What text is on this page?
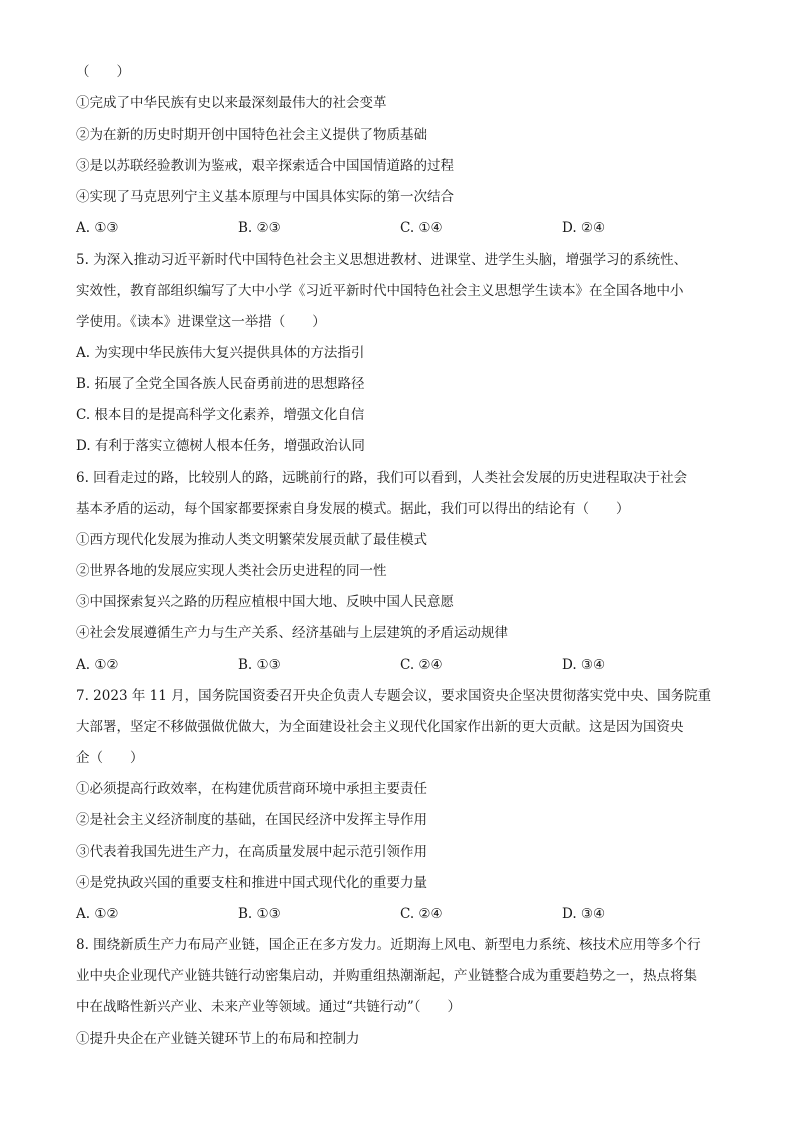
（　　）
①完成了中华民族有史以来最深刻最伟大的社会变革
②为在新的历史时期开创中国特色社会主义提供了物质基础
③是以苏联经验教训为鉴戒，艰辛探索适合中国国情道路的过程
④实现了马克思列宁主义基本原理与中国具体实际的第一次结合
A. ①③	B. ②③	C. ①④	D. ②④
5. 为深入推动习近平新时代中国特色社会主义思想进教材、进课堂、进学生头脑，增强学习的系统性、
实效性，教育部组织编写了大中小学《习近平新时代中国特色社会主义思想学生读本》在全国各地中小
学使用。《读本》进课堂这一举措（　　）
A. 为实现中华民族伟大复兴提供具体的方法指引
B. 拓展了全党全国各族人民奋勇前进的思想路径
C. 根本目的是提高科学文化素养，增强文化自信
D. 有利于落实立德树人根本任务，增强政治认同
6. 回看走过的路，比较别人的路，远眺前行的路，我们可以看到，人类社会发展的历史进程取决于社会
基本矛盾的运动，每个国家都要探索自身发展的模式。据此，我们可以得出的结论有（　　）
①西方现代化发展为推动人类文明繁荣发展贡献了最佳模式
②世界各地的发展应实现人类社会历史进程的同一性
③中国探索复兴之路的历程应植根中国大地、反映中国人民意愿
④社会发展遵循生产力与生产关系、经济基础与上层建筑的矛盾运动规律
A. ①②	B. ①③	C. ②④	D. ③④
7. 2023 年 11 月，国务院国资委召开央企负责人专题会议，要求国资央企坚决贯彻落实党中央、国务院重
大部署，坚定不移做强做优做大，为全面建设社会主义现代化国家作出新的更大贡献。这是因为国资央
企（　　）
①必须提高行政效率，在构建优质营商环境中承担主要责任
②是社会主义经济制度的基础，在国民经济中发挥主导作用
③代表着我国先进生产力，在高质量发展中起示范引领作用
④是党执政兴国的重要支柱和推进中国式现代化的重要力量
A. ①②	B. ①③	C. ②④	D. ③④
8. 围绕新质生产力布局产业链，国企正在多方发力。近期海上风电、新型电力系统、核技术应用等多个行
业中央企业现代产业链共链行动密集启动，并购重组热潮渐起，产业链整合成为重要趋势之一，热点将集
中在战略性新兴产业、未来产业等领域。通过“共链行动”（　　）
①提升央企在产业链关键环节上的布局和控制力
